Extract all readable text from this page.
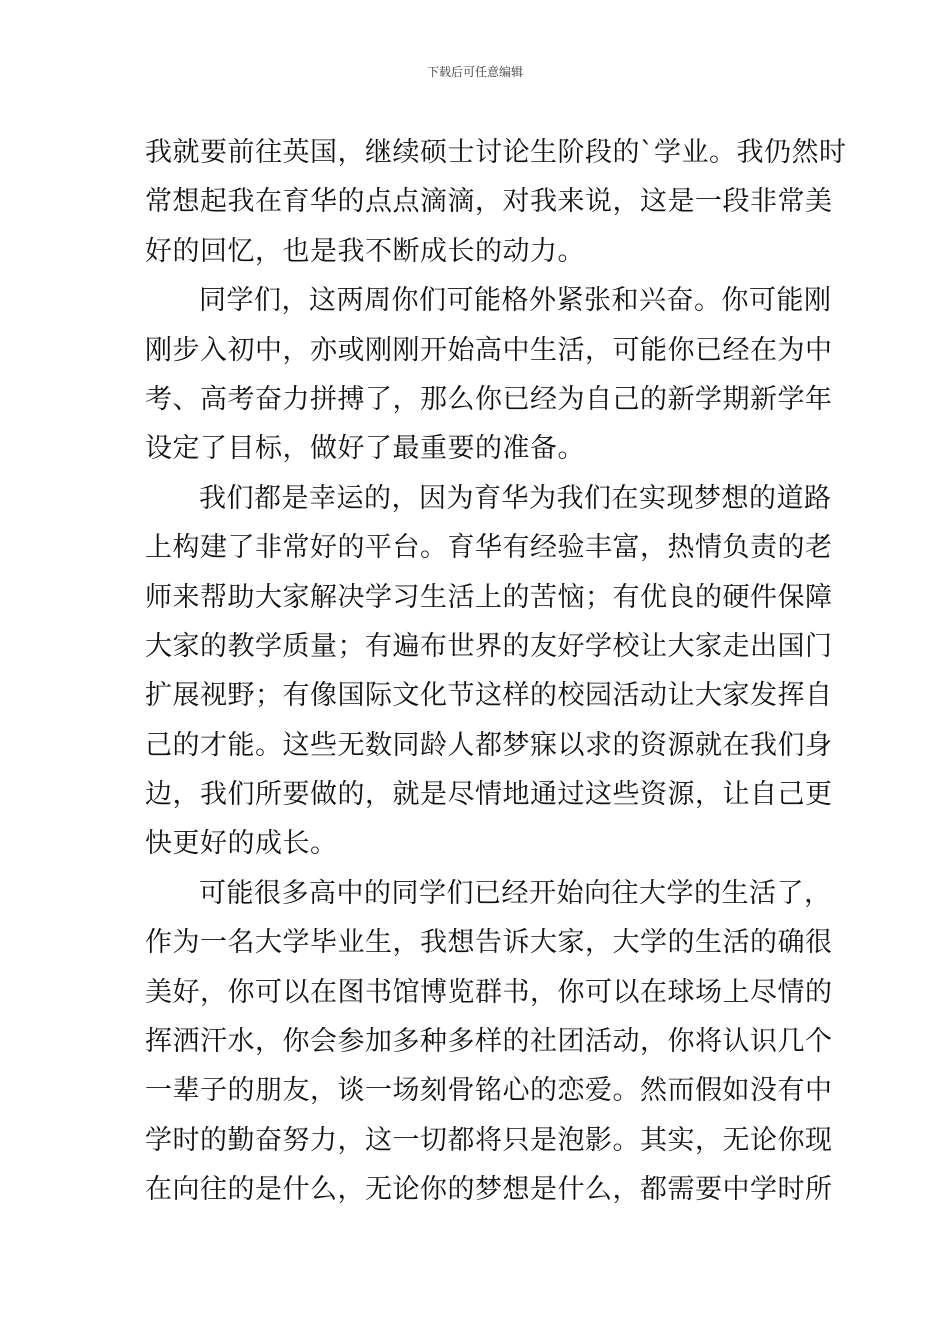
下载后可任意编辑
我就要前往英国，继续硕士讨论生阶段的`学业。我仍然时
常想起我在育华的点点滴滴，对我来说，这是一段非常美
好的回忆，也是我不断成长的动力。
同学们，这两周你们可能格外紧张和兴奋。你可能刚
刚步入初中，亦或刚刚开始高中生活，可能你已经在为中
考、高考奋力拼搏了，那么你已经为自己的新学期新学年
设定了目标，做好了最重要的准备。
我们都是幸运的，因为育华为我们在实现梦想的道路
上构建了非常好的平台。育华有经验丰富，热情负责的老
师来帮助大家解决学习生活上的苦恼；有优良的硬件保障
大家的教学质量；有遍布世界的友好学校让大家走出国门
扩展视野；有像国际文化节这样的校园活动让大家发挥自
己的才能。这些无数同龄人都梦寐以求的资源就在我们身
边，我们所要做的，就是尽情地通过这些资源，让自己更
快更好的成长。
可能很多高中的同学们已经开始向往大学的生活了，
作为一名大学毕业生，我想告诉大家，大学的生活的确很
美好，你可以在图书馆博览群书，你可以在球场上尽情的
挥洒汗水，你会参加多种多样的社团活动，你将认识几个
一辈子的朋友，谈一场刻骨铭心的恋爱。然而假如没有中
学时的勤奋努力，这一切都将只是泡影。其实，无论你现
在向往的是什么，无论你的梦想是什么，都需要中学时所
